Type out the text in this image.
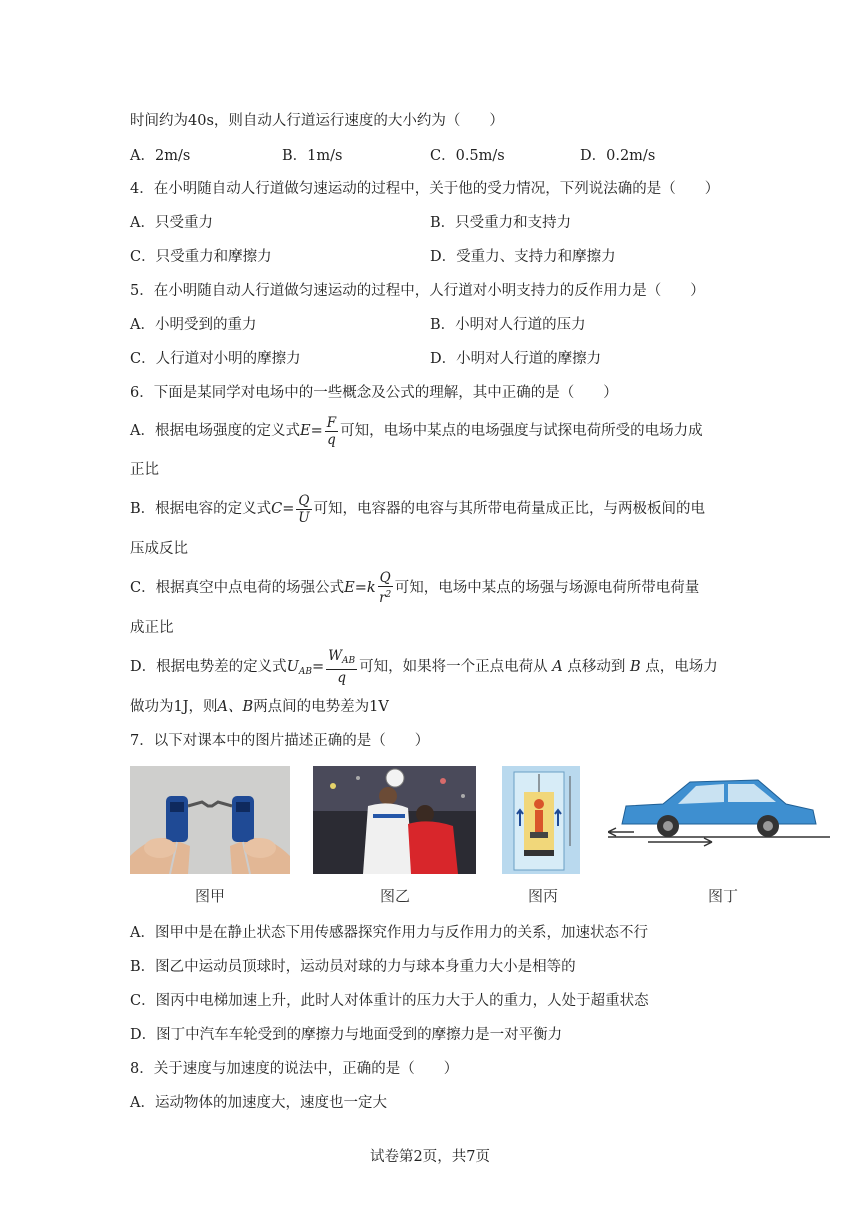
时间约为40s，则自动人行道运行速度的大小约为（　　）
A．2m/s	B．1m/s	C．0.5m/s	D．0.2m/s
4．在小明随自动人行道做匀速运动的过程中，关于他的受力情况，下列说法确的是（　　）
A．只受重力	B．只受重力和支持力
C．只受重力和摩擦力	D．受重力、支持力和摩擦力
5．在小明随自动人行道做匀速运动的过程中，人行道对小明支持力的反作用力是（　　）
A．小明受到的重力	B．小明对人行道的压力
C．人行道对小明的摩擦力	D．小明对人行道的摩擦力
6．下面是某同学对电场中的一些概念及公式的理解，其中正确的是（　　）
A．根据电场强度的定义式$E= \frac{F}{q}$ 可知，电场中某点的电场强度与试探电荷所受的电场力成
正比
B．根据电容的定义式$C= \frac{Q}{U}$ 可知，电容器的电容与其所带电荷量成正比，与两极板间的电
压成反比
C．根据真空中点电荷的场强公式$E=k \frac{Q}{r^2}$ 可知，电场中某点的场强与场源电荷所带电荷量
成正比
D．根据电势差的定义式$U_{AB}= \frac{W_{AB}}{q}$ 可知，如果将一个正点电荷从 A 点移动到 B 点，电场力
做功为1J，则A、B两点间的电势差为1V
7．以下对课本中的图片描述正确的是（　　）
图甲	图乙	图丙	图丁
A．图甲中是在静止状态下用传感器探究作用力与反作用力的关系，加速状态不行
B．图乙中运动员顶球时，运动员对球的力与球本身重力大小是相等的
C．图丙中电梯加速上升，此时人对体重计的压力大于人的重力，人处于超重状态
D．图丁中汽车车轮受到的摩擦力与地面受到的摩擦力是一对平衡力
8．关于速度与加速度的说法中，正确的是（　　）
A．运动物体的加速度大，速度也一定大
试卷第2页，共7页
